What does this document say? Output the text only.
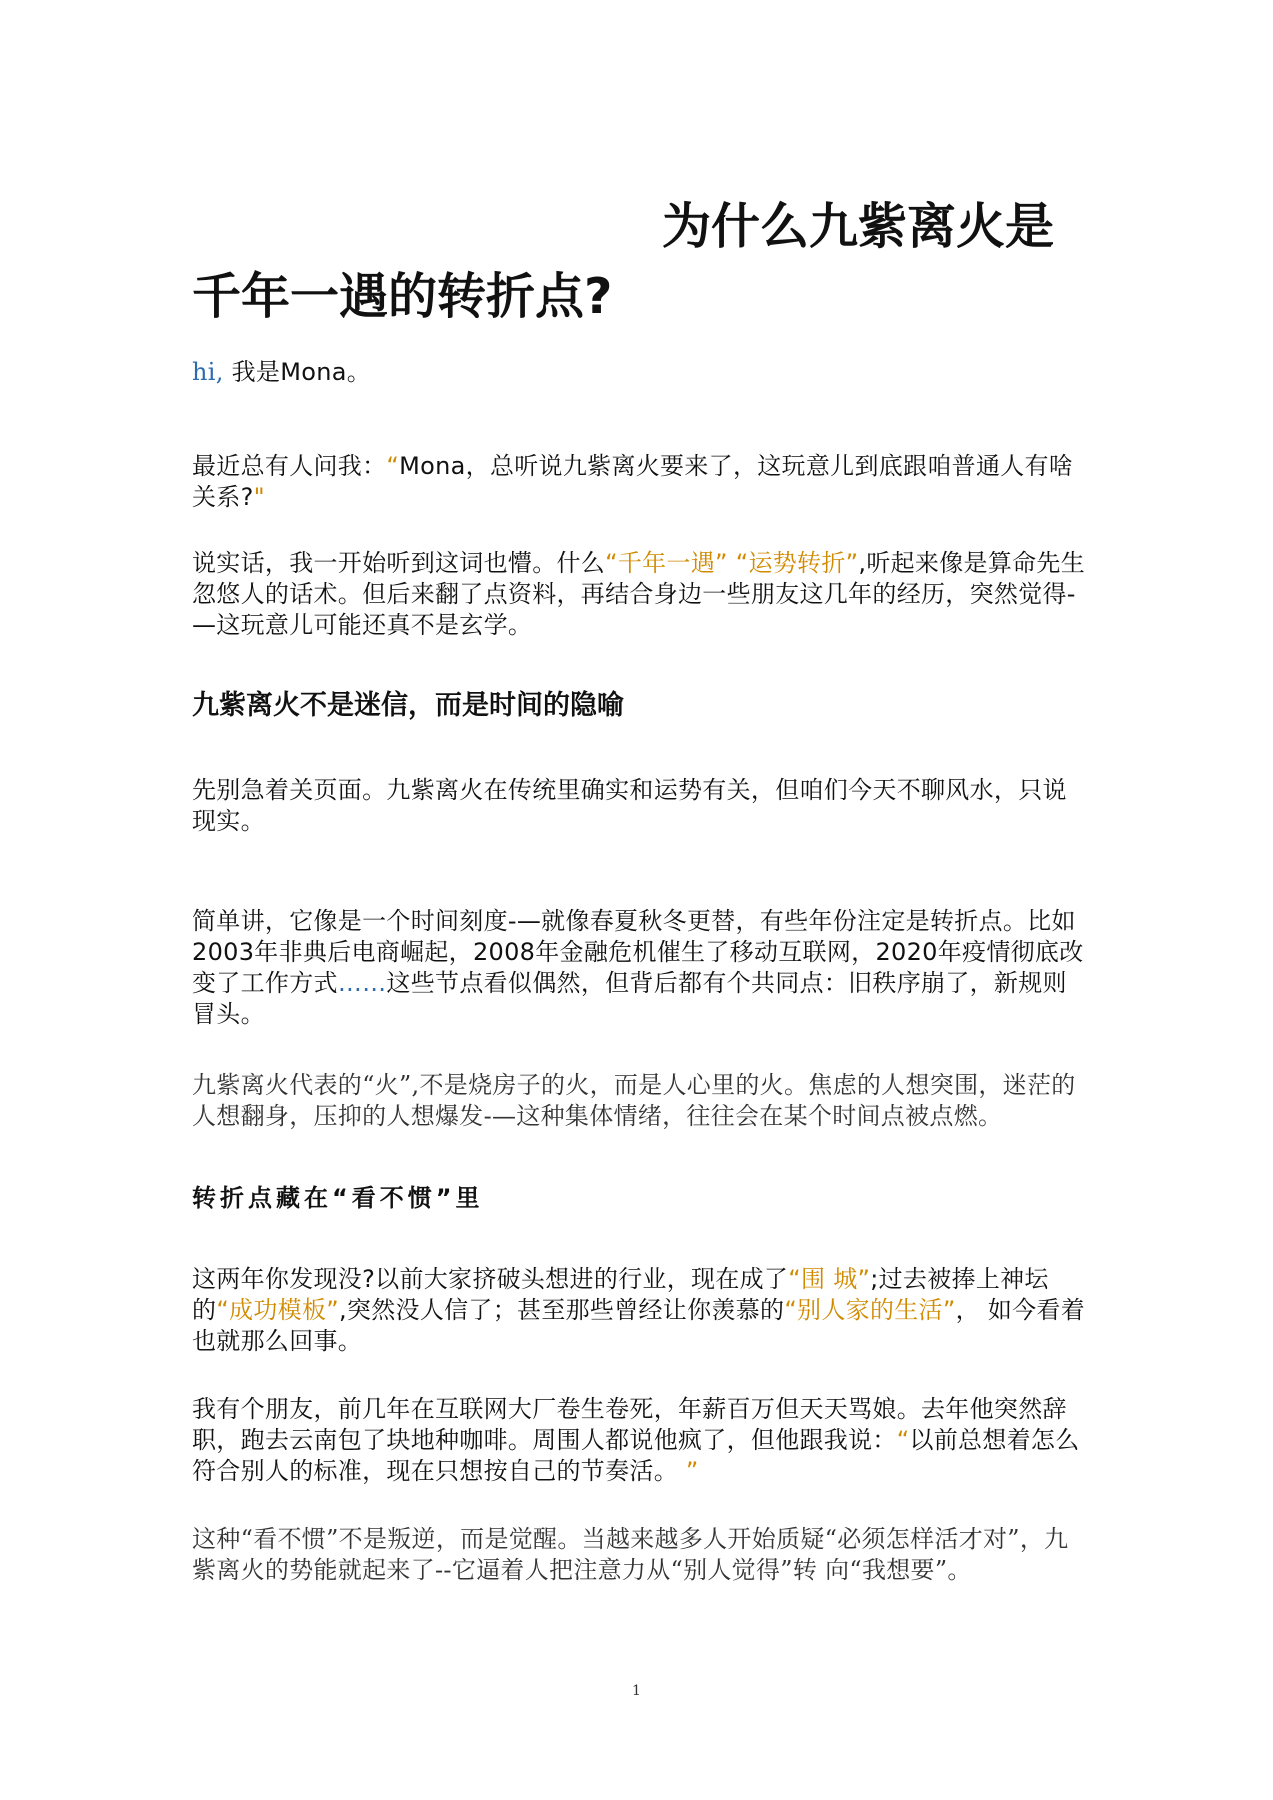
为什么九紫离火是
千年一遇的转折点?

hi, 我是Mona。

最近总有人问我：“Mona，总听说九紫离火要来了，这玩意儿到底跟咱普通人有啥关系?"

说实话，我一开始听到这词也懵。什么“千年一遇” “运势转折”,听起来像是算命先生忽悠人的话术。但后来翻了点资料，再结合身边一些朋友这几年的经历，突然觉得-—这玩意儿可能还真不是玄学。

九紫离火不是迷信，而是时间的隐喻

先别急着关页面。九紫离火在传统里确实和运势有关，但咱们今天不聊风水，只说现实。

简单讲，它像是一个时间刻度-—就像春夏秋冬更替，有些年份注定是转折点。比如2003年非典后电商崛起，2008年金融危机催生了移动互联网，2020年疫情彻底改变了工作方式……这些节点看似偶然，但背后都有个共同点：旧秩序崩了，新规则冒头。

九紫离火代表的“火”,不是烧房子的火，而是人心里的火。焦虑的人想突围，迷茫的人想翻身，压抑的人想爆发-—这种集体情绪，往往会在某个时间点被点燃。

转折点藏在“看不惯”里

这两年你发现没?以前大家挤破头想进的行业，现在成了“围 城”;过去被捧上神坛的“成功模板”,突然没人信了；甚至那些曾经让你羡慕的“别人家的生活”， 如今看着也就那么回事。

我有个朋友，前几年在互联网大厂卷生卷死，年薪百万但天天骂娘。去年他突然辞职，跑去云南包了块地种咖啡。周围人都说他疯了，但他跟我说：“以前总想着怎么符合别人的标准，现在只想按自己的节奏活。 ”

这种“看不惯”不是叛逆，而是觉醒。当越来越多人开始质疑“必须怎样活才对”，九紫离火的势能就起来了--它逼着人把注意力从“别人觉得”转 向“我想要”。

1
